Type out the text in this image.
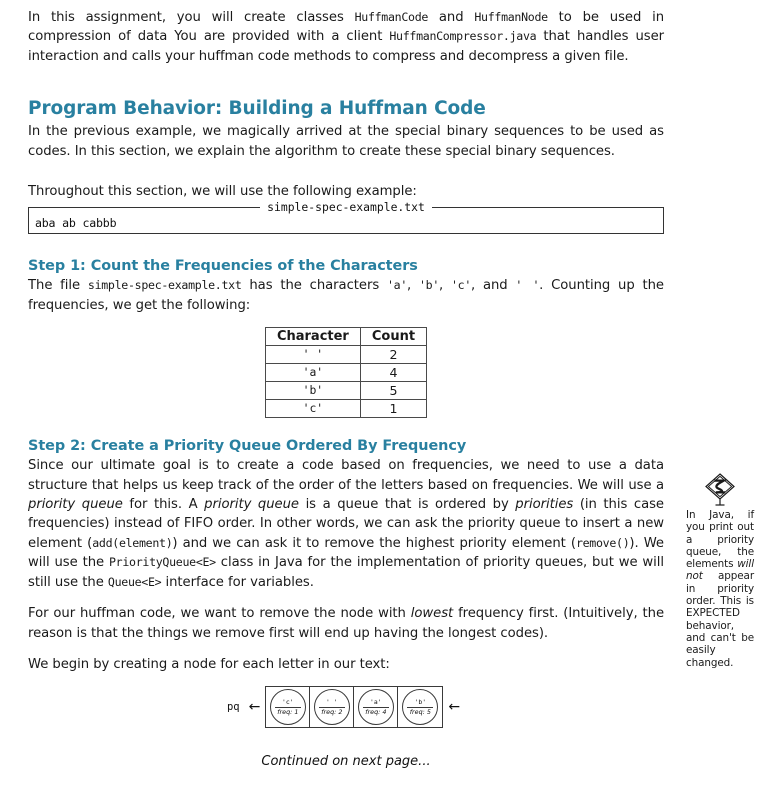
In this assignment, you will create classes HuffmanCode and HuffmanNode to be used in compression of data You are provided with a client HuffmanCompressor.java that handles user interaction and calls your huffman code methods to compress and decompress a given file.

Program Behavior: Building a Huffman Code

In the previous example, we magically arrived at the special binary sequences to be used as codes. In this section, we explain the algorithm to create these special binary sequences.

Throughout this section, we will use the following example:

simple-spec-example.txt
aba ab cabbb
Step 1: Count the Frequencies of the Characters

The file simple-spec-example.txt has the characters 'a', 'b', 'c', and ' '. Counting up the frequencies, we get the following:

Character	Count
' '	2
'a'	4
'b'	5
'c'	1
Step 2: Create a Priority Queue Ordered By Frequency

Since our ultimate goal is to create a code based on frequencies, we need to use a data structure that helps us keep track of the order of the letters based on frequencies. We will use a priority queue for this. A priority queue is a queue that is ordered by priorities (in this case frequencies) instead of FIFO order. In other words, we can ask the priority queue to insert a new element (add(element)) and we can ask it to remove the highest priority element (remove()). We will use the PriorityQueue<E> class in Java for the implementation of priority queues, but we will still use the Queue<E> interface for variables.

For our huffman code, we want to remove the node with lowest frequency first. (Intuitively, the reason is that the things we remove first will end up having the longest codes).

We begin by creating a node for each letter in our text:

pq ←	'c'
freq: 1
' '
freq: 2
'a'
freq: 4
'b'
freq: 5 ←
Continued on next page...
In Java, if you print out a priority queue, the elements will not appear in priority order. This is EXPECTED behavior, and can't be easily changed.
